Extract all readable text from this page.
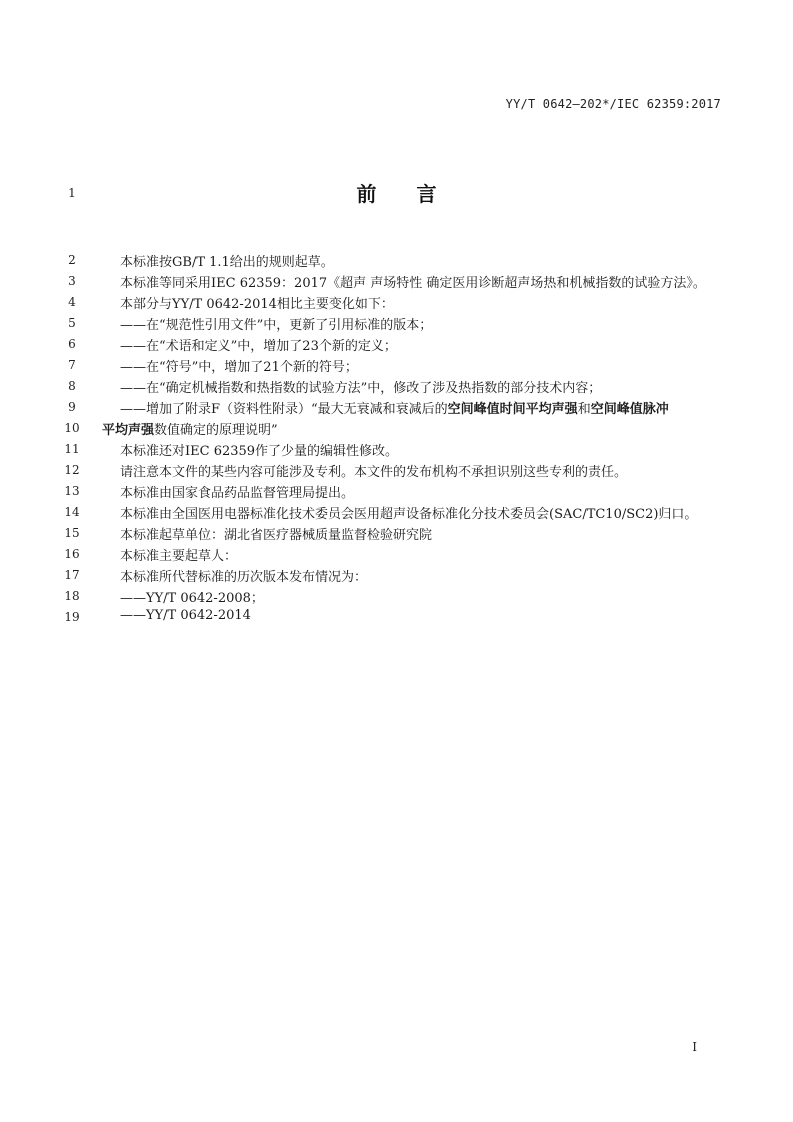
YY/T 0642—202*/IEC 62359:2017
1	前 言
2	本标准按GB/T 1.1给出的规则起草。
3	本标准等同采用IEC 62359：2017《超声 声场特性 确定医用诊断超声场热和机械指数的试验方法》。
4	本部分与YY/T 0642-2014相比主要变化如下：
5	——在“规范性引用文件”中，更新了引用标准的版本；
6	——在“术语和定义”中，增加了23个新的定义；
7	——在“符号”中，增加了21个新的符号；
8	——在“确定机械指数和热指数的试验方法”中，修改了涉及热指数的部分技术内容；
9	——增加了附录F（资料性附录）“最大无衰减和衰减后的空间峰值时间平均声强和空间峰值脉冲
10	平均声强数值确定的原理说明”
11	本标准还对IEC 62359作了少量的编辑性修改。
12	请注意本文件的某些内容可能涉及专利。本文件的发布机构不承担识别这些专利的责任。
13	本标准由国家食品药品监督管理局提出。
14	本标准由全国医用电器标准化技术委员会医用超声设备标准化分技术委员会(SAC/TC10/SC2)归口。
15	本标准起草单位：湖北省医疗器械质量监督检验研究院
16	本标准主要起草人：
17	本标准所代替标准的历次版本发布情况为：
18	——YY/T 0642-2008；
19	——YY/T 0642-2014
I
